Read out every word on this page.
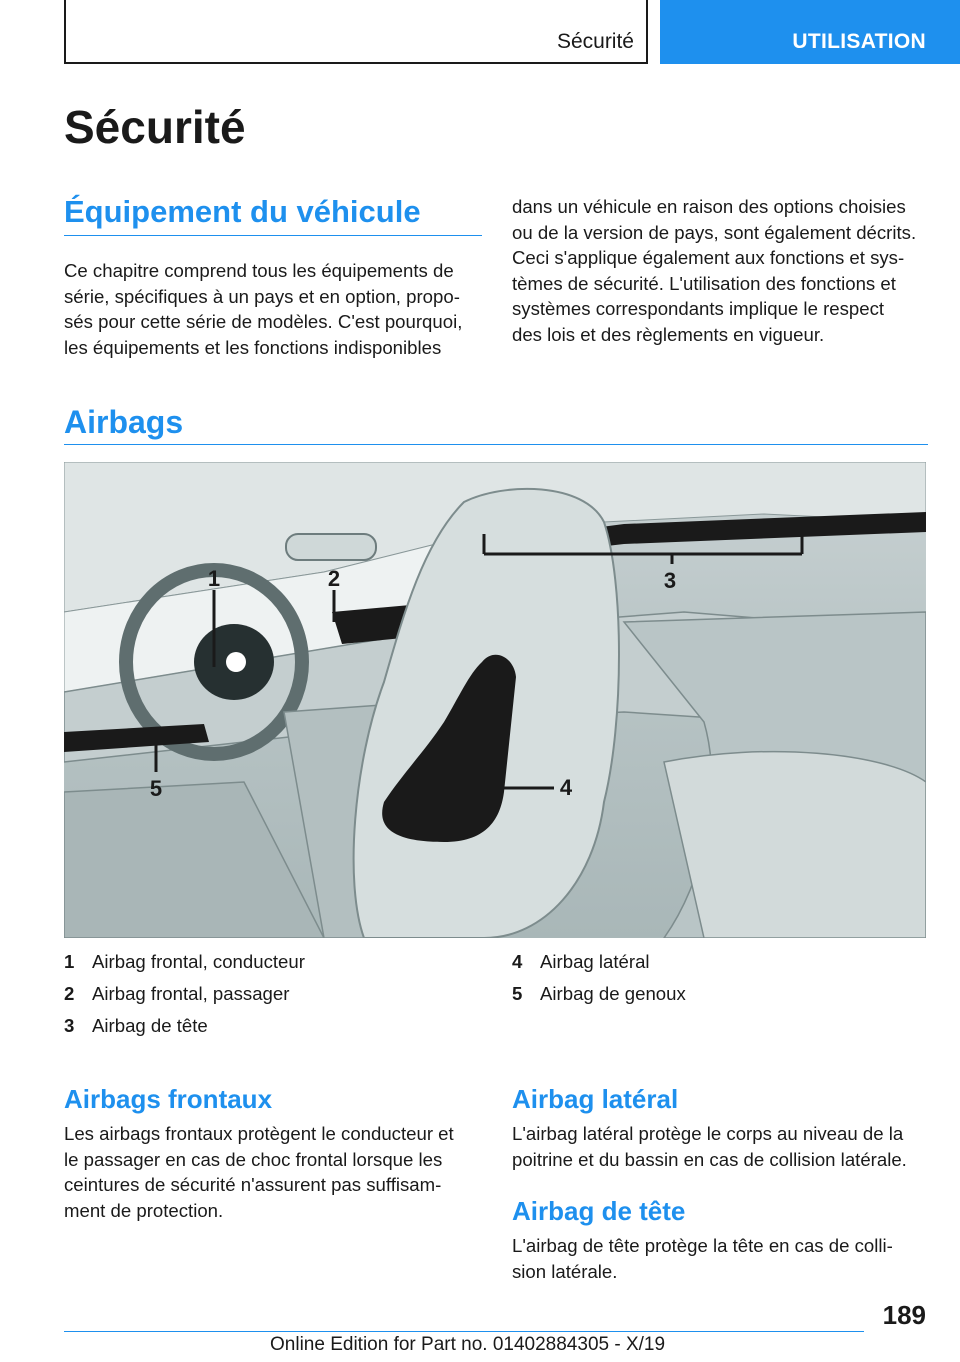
Sécurité	UTILISATION
Sécurité
Équipement du véhicule

Ce chapitre comprend tous les équipements de

série, spécifiques à un pays et en option, propo-

sés pour cette série de modèles. C'est pourquoi,

les équipements et les fonctions indisponibles

dans un véhicule en raison des options choisies

ou de la version de pays, sont également décrits.

Ceci s'applique également aux fonctions et sys-

tèmes de sécurité. L'utilisation des fonctions et

systèmes correspondants implique le respect

des lois et des règlements en vigueur.

Airbags
1	2	3
4
5
1 Airbag frontal, conducteur
2 Airbag frontal, passager
3 Airbag de tête
4 Airbag latéral
5 Airbag de genoux
Airbags frontaux

Les airbags frontaux protègent le conducteur et

le passager en cas de choc frontal lorsque les

ceintures de sécurité n'assurent pas suffisam-

ment de protection.

Airbag latéral

L'airbag latéral protège le corps au niveau de la

poitrine et du bassin en cas de collision latérale.

Airbag de tête

L'airbag de tête protège la tête en cas de colli-

sion latérale.

189
Online Edition for Part no. 01402884305 - X/19
